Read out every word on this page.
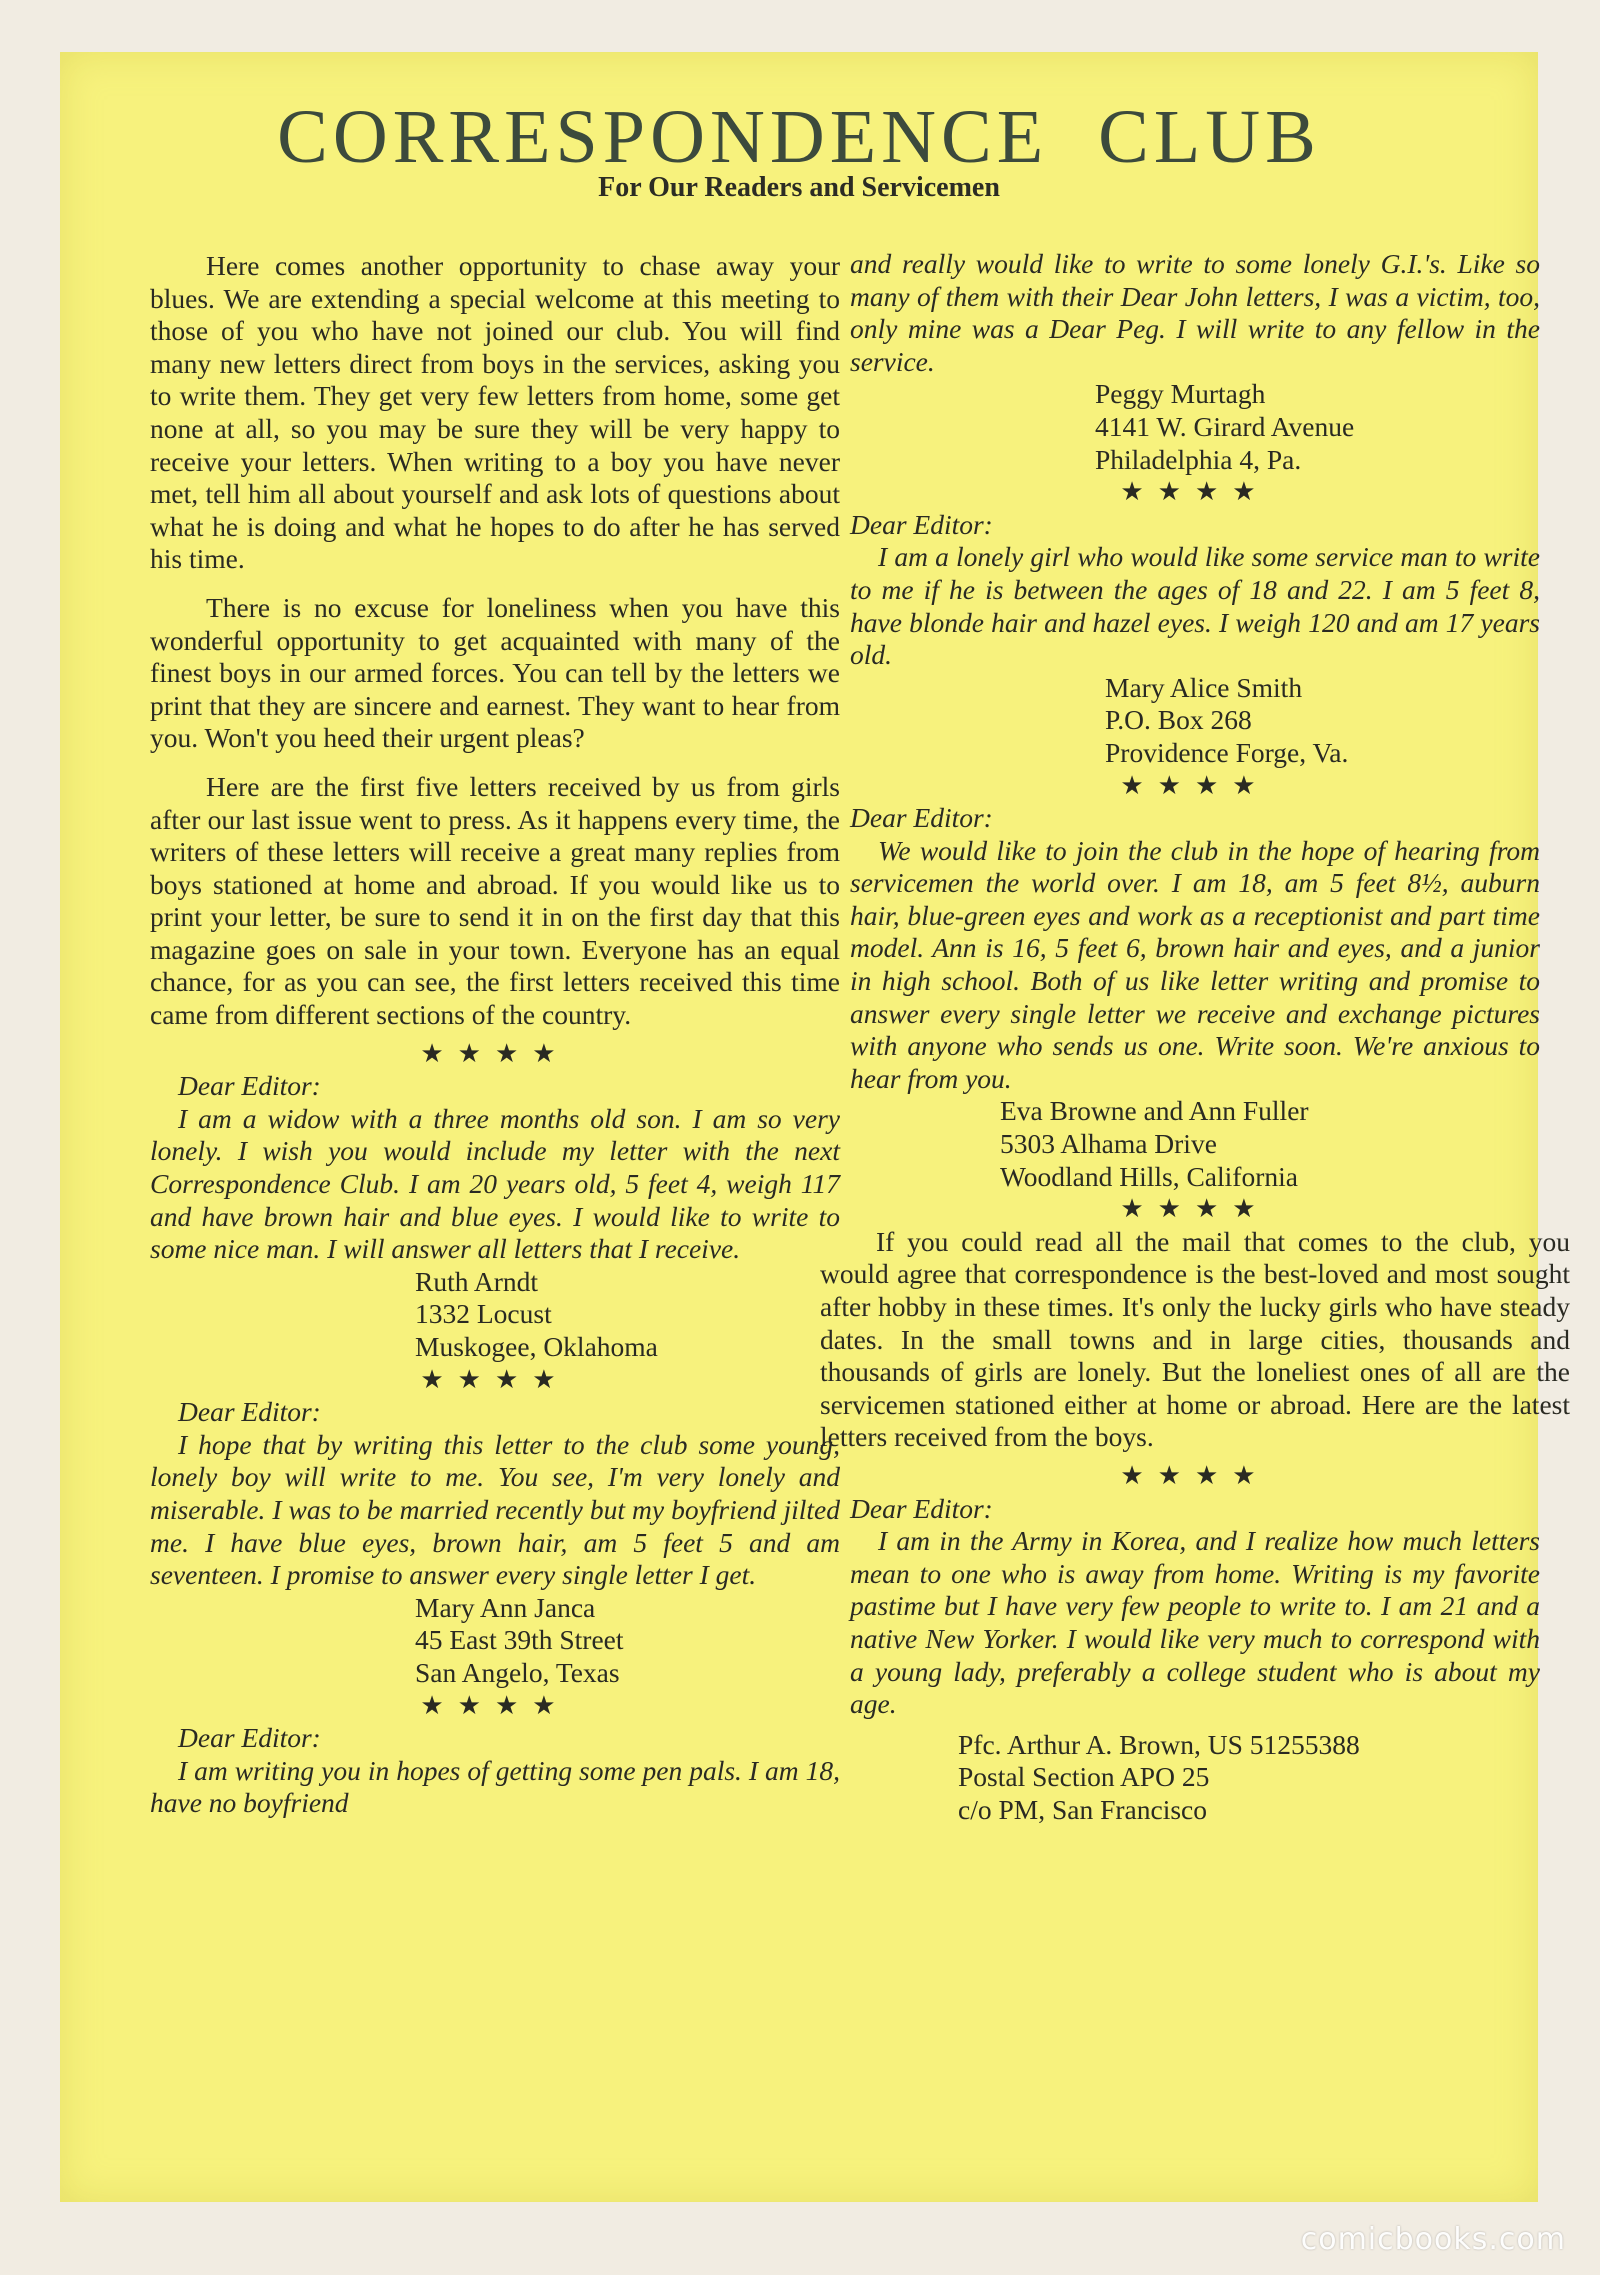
CORRESPONDENCE CLUB
For Our Readers and Servicemen

Here comes another opportunity to chase away your blues. We are extending a special welcome at this meeting to those of you who have not joined our club. You will find many new letters direct from boys in the services, asking you to write them. They get very few letters from home, some get none at all, so you may be sure they will be very happy to receive your letters. When writing to a boy you have never met, tell him all about yourself and ask lots of questions about what he is doing and what he hopes to do after he has served his time.

There is no excuse for loneliness when you have this wonderful opportunity to get acquainted with many of the finest boys in our armed forces. You can tell by the letters we print that they are sincere and earnest. They want to hear from you. Won't you heed their urgent pleas?

Here are the first five letters received by us from girls after our last issue went to press. As it happens every time, the writers of these letters will receive a great many replies from boys stationed at home and abroad. If you would like us to print your letter, be sure to send it in on the first day that this magazine goes on sale in your town. Everyone has an equal chance, for as you can see, the first letters received this time came from different sections of the country.

★★★★

Dear Editor:

I am a widow with a three months old son. I am so very lonely. I wish you would include my letter with the next Correspondence Club. I am 20 years old, 5 feet 4, weigh 117 and have brown hair and blue eyes. I would like to write to some nice man. I will answer all letters that I receive.

Ruth Arndt
1332 Locust
Muskogee, Oklahoma

★★★★

Dear Editor:

I hope that by writing this letter to the club some young, lonely boy will write to me. You see, I'm very lonely and miserable. I was to be married recently but my boyfriend jilted me. I have blue eyes, brown hair, am 5 feet 5 and am seventeen. I promise to answer every single letter I get.

Mary Ann Janca
45 East 39th Street
San Angelo, Texas

★★★★

Dear Editor:

I am writing you in hopes of getting some pen pals. I am 18, have no boyfriend

and really would like to write to some lonely G.I.'s. Like so many of them with their Dear John letters, I was a victim, too, only mine was a Dear Peg. I will write to any fellow in the service.

Peggy Murtagh
4141 W. Girard Avenue
Philadelphia 4, Pa.

★★★★

Dear Editor:

I am a lonely girl who would like some service man to write to me if he is between the ages of 18 and 22. I am 5 feet 8, have blonde hair and hazel eyes. I weigh 120 and am 17 years old.

Mary Alice Smith
P.O. Box 268
Providence Forge, Va.

★★★★

Dear Editor:

We would like to join the club in the hope of hearing from servicemen the world over. I am 18, am 5 feet 8½, auburn hair, blue-green eyes and work as a receptionist and part time model. Ann is 16, 5 feet 6, brown hair and eyes, and a junior in high school. Both of us like letter writing and promise to answer every single letter we receive and exchange pictures with anyone who sends us one. Write soon. We're anxious to hear from you.

Eva Browne and Ann Fuller
5303 Alhama Drive
Woodland Hills, California

★★★★

If you could read all the mail that comes to the club, you would agree that correspondence is the best-loved and most sought after hobby in these times. It's only the lucky girls who have steady dates. In the small towns and in large cities, thousands and thousands of girls are lonely. But the loneliest ones of all are the servicemen stationed either at home or abroad. Here are the latest letters received from the boys.

★★★★

Dear Editor:

I am in the Army in Korea, and I realize how much letters mean to one who is away from home. Writing is my favorite pastime but I have very few people to write to. I am 21 and a native New Yorker. I would like very much to correspond with a young lady, preferably a college student who is about my age.

Pfc. Arthur A. Brown, US 51255388
Postal Section APO 25
c/o PM, San Francisco
comicbooks.com
